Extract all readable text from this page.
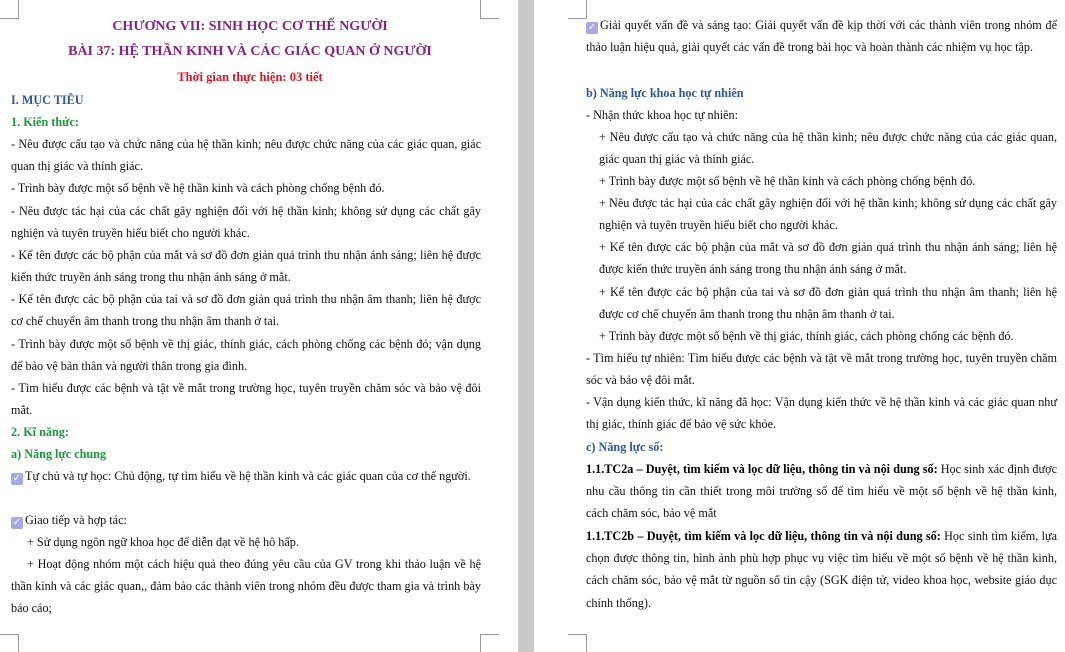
CHƯƠNG VII: SINH HỌC CƠ THỂ NGƯỜI

BÀI 37: HỆ THẦN KINH VÀ CÁC GIÁC QUAN Ở NGƯỜI

Thời gian thực hiện: 03 tiết

I. MỤC TIÊU

1. Kiến thức:

- Nêu được cấu tạo và chức năng của hệ thần kinh; nêu được chức năng của các giác quan, giác quan thị giác và thính giác.

- Trình bày được một số bệnh về hệ thần kinh và cách phòng chống bệnh đó.

- Nêu được tác hại của các chất gây nghiện đối với hệ thần kinh; không sử dụng các chất gây nghiện và tuyên truyền hiểu biết cho người khác.

- Kể tên được các bộ phận của mắt và sơ đồ đơn giản quá trình thu nhận ánh sáng; liên hệ được kiến thức truyền ánh sáng trong thu nhận ánh sáng ở mắt.

- Kể tên được các bộ phận của tai và sơ đồ đơn giản quá trình thu nhận âm thanh; liên hệ được cơ chế chuyển âm thanh trong thu nhận âm thanh ở tai.

- Trình bày được một số bệnh về thị giác, thính giác, cách phòng chống các bệnh đó; vận dụng để bảo vệ bản thân và người thân trong gia đình.

- Tìm hiểu được các bệnh và tật về mắt trong trường học, tuyên truyền chăm sóc và bảo vệ đôi mắt.

2. Kĩ năng:

a) Năng lực chung

✓ Tự chủ và tự học: Chủ động, tự tìm hiểu về hệ thần kinh và các giác quan của cơ thể người.

✓ Giao tiếp và hợp tác:

+ Sử dụng ngôn ngữ khoa học để diễn đạt về hệ hô hấp.

+ Hoạt động nhóm một cách hiệu quả theo đúng yêu cầu của GV trong khi thảo luận về hệ thần kinh và các giác quan,, đảm bảo các thành viên trong nhóm đều được tham gia và trình bày báo cáo;

✓ Giải quyết vấn đề và sáng tạo: Giải quyết vấn đề kịp thời với các thành viên trong nhóm để thảo luận hiệu quả, giải quyết các vấn đề trong bài học và hoàn thành các nhiệm vụ học tập.

b) Năng lực khoa học tự nhiên

- Nhận thức khoa học tự nhiên:

+ Nêu được cấu tạo và chức năng của hệ thần kinh; nêu được chức năng của các giác quan, giác quan thị giác và thính giác.

+ Trình bày được một số bệnh về hệ thần kinh và cách phòng chống bệnh đó.

+ Nêu được tác hại của các chất gây nghiện đối với hệ thần kinh; không sử dụng các chất gây nghiện và tuyên truyền hiểu biết cho người khác.

+ Kể tên được các bộ phận của mắt và sơ đồ đơn giản quá trình thu nhận ánh sáng; liên hệ được kiến thức truyền ánh sáng trong thu nhận ánh sáng ở mắt.

+ Kể tên được các bộ phận của tai và sơ đồ đơn giản quá trình thu nhận âm thanh; liên hệ được cơ chế chuyển âm thanh trong thu nhận âm thanh ở tai.

+ Trình bày được một số bệnh về thị giác, thính giác, cách phòng chống các bệnh đó.

- Tìm hiểu tự nhiên: Tìm hiểu được các bệnh và tật về mắt trong trường học, tuyên truyền chăm sóc và bảo vệ đôi mắt.

- Vận dụng kiến thức, kĩ năng đã học: Vận dụng kiến thức về hệ thần kinh và các giác quan như thị giác, thính giác để bảo vệ sức khỏe.

c) Năng lực số:

1.1.TC2a – Duyệt, tìm kiếm và lọc dữ liệu, thông tin và nội dung số: Học sinh xác định được nhu cầu thông tin cần thiết trong môi trường số để tìm hiểu về một số bệnh về hệ thần kinh, cách chăm sóc, bảo vệ mắt

1.1.TC2b – Duyệt, tìm kiếm và lọc dữ liệu, thông tin và nội dung số: Học sinh tìm kiếm, lựa chọn được thông tin, hình ảnh phù hợp phục vụ việc tìm hiểu về một số bệnh về hệ thần kinh, cách chăm sóc, bảo vệ mắt từ nguồn số tin cậy (SGK điện tử, video khoa học, website giáo dục chính thống).
